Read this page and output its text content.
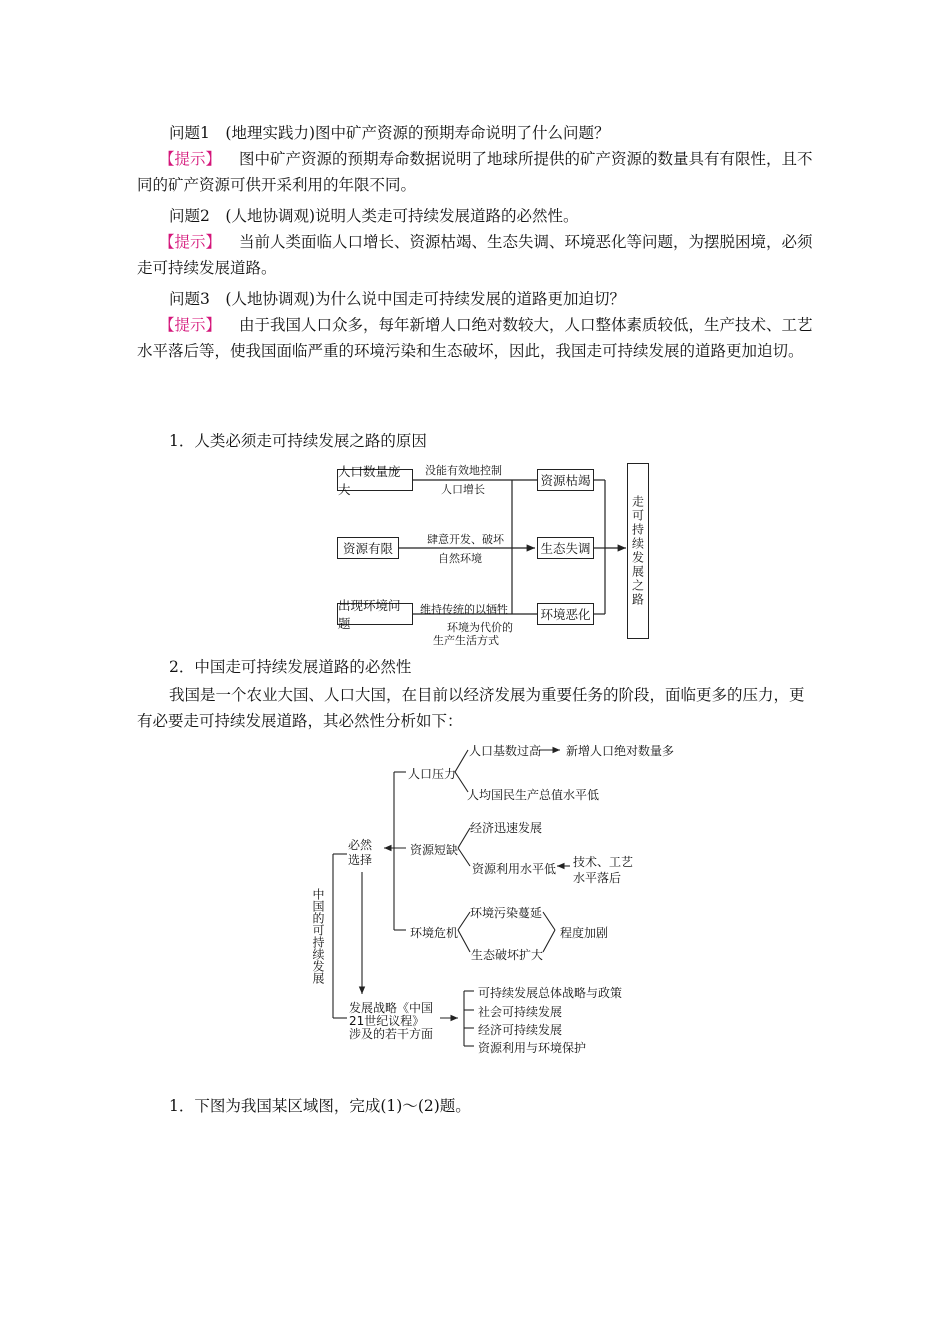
问题1　 (地理实践力)图中矿产资源的预期寿命说明了什么问题？
【提示】 图中矿产资源的预期寿命数据说明了地球所提供的矿产资源的数量具有有限性，且不同的矿产资源可供开采利用的年限不同。
问题2　 (人地协调观)说明人类走可持续发展道路的必然性。
【提示】 当前人类面临人口增长、资源枯竭、生态失调、环境恶化等问题，为摆脱困境，必须走可持续发展道路。
问题3　 (人地协调观)为什么说中国走可持续发展的道路更加迫切？
【提示】 由于我国人口众多，每年新增人口绝对数较大，人口整体素质较低，生产技术、工艺水平落后等，使我国面临严重的环境污染和生态破坏，因此，我国走可持续发展的道路更加迫切。
1．人类必须走可持续发展之路的原因
人口数量庞大
资源有限
出现环境问题
没能有效地控制
人口增长
肆意开发、破坏
自然环境
维持传统的以牺牲
环境为代价的
生产生活方式
资源枯竭
生态失调
环境恶化
走可持续发展之路
2．中国走可持续发展道路的必然性
我国是一个农业大国、人口大国，在目前以经济发展为重要任务的阶段，面临更多的压力，更有必要走可持续发展道路，其必然性分析如下：
中国的可持续发展
必然
选择
人口压力
人口基数过高 新增人口绝对数量多
人均国民生产总值水平低
资源短缺
经济迅速发展
资源利用水平低 技术、工艺
水平落后
环境危机
环境污染蔓延
生态破坏扩大
程度加剧
发展战略《中国
21世纪议程》
涉及的若干方面
可持续发展总体战略与政策
社会可持续发展
经济可持续发展
资源利用与环境保护
1．下图为我国某区域图，完成(1)～(2)题。
